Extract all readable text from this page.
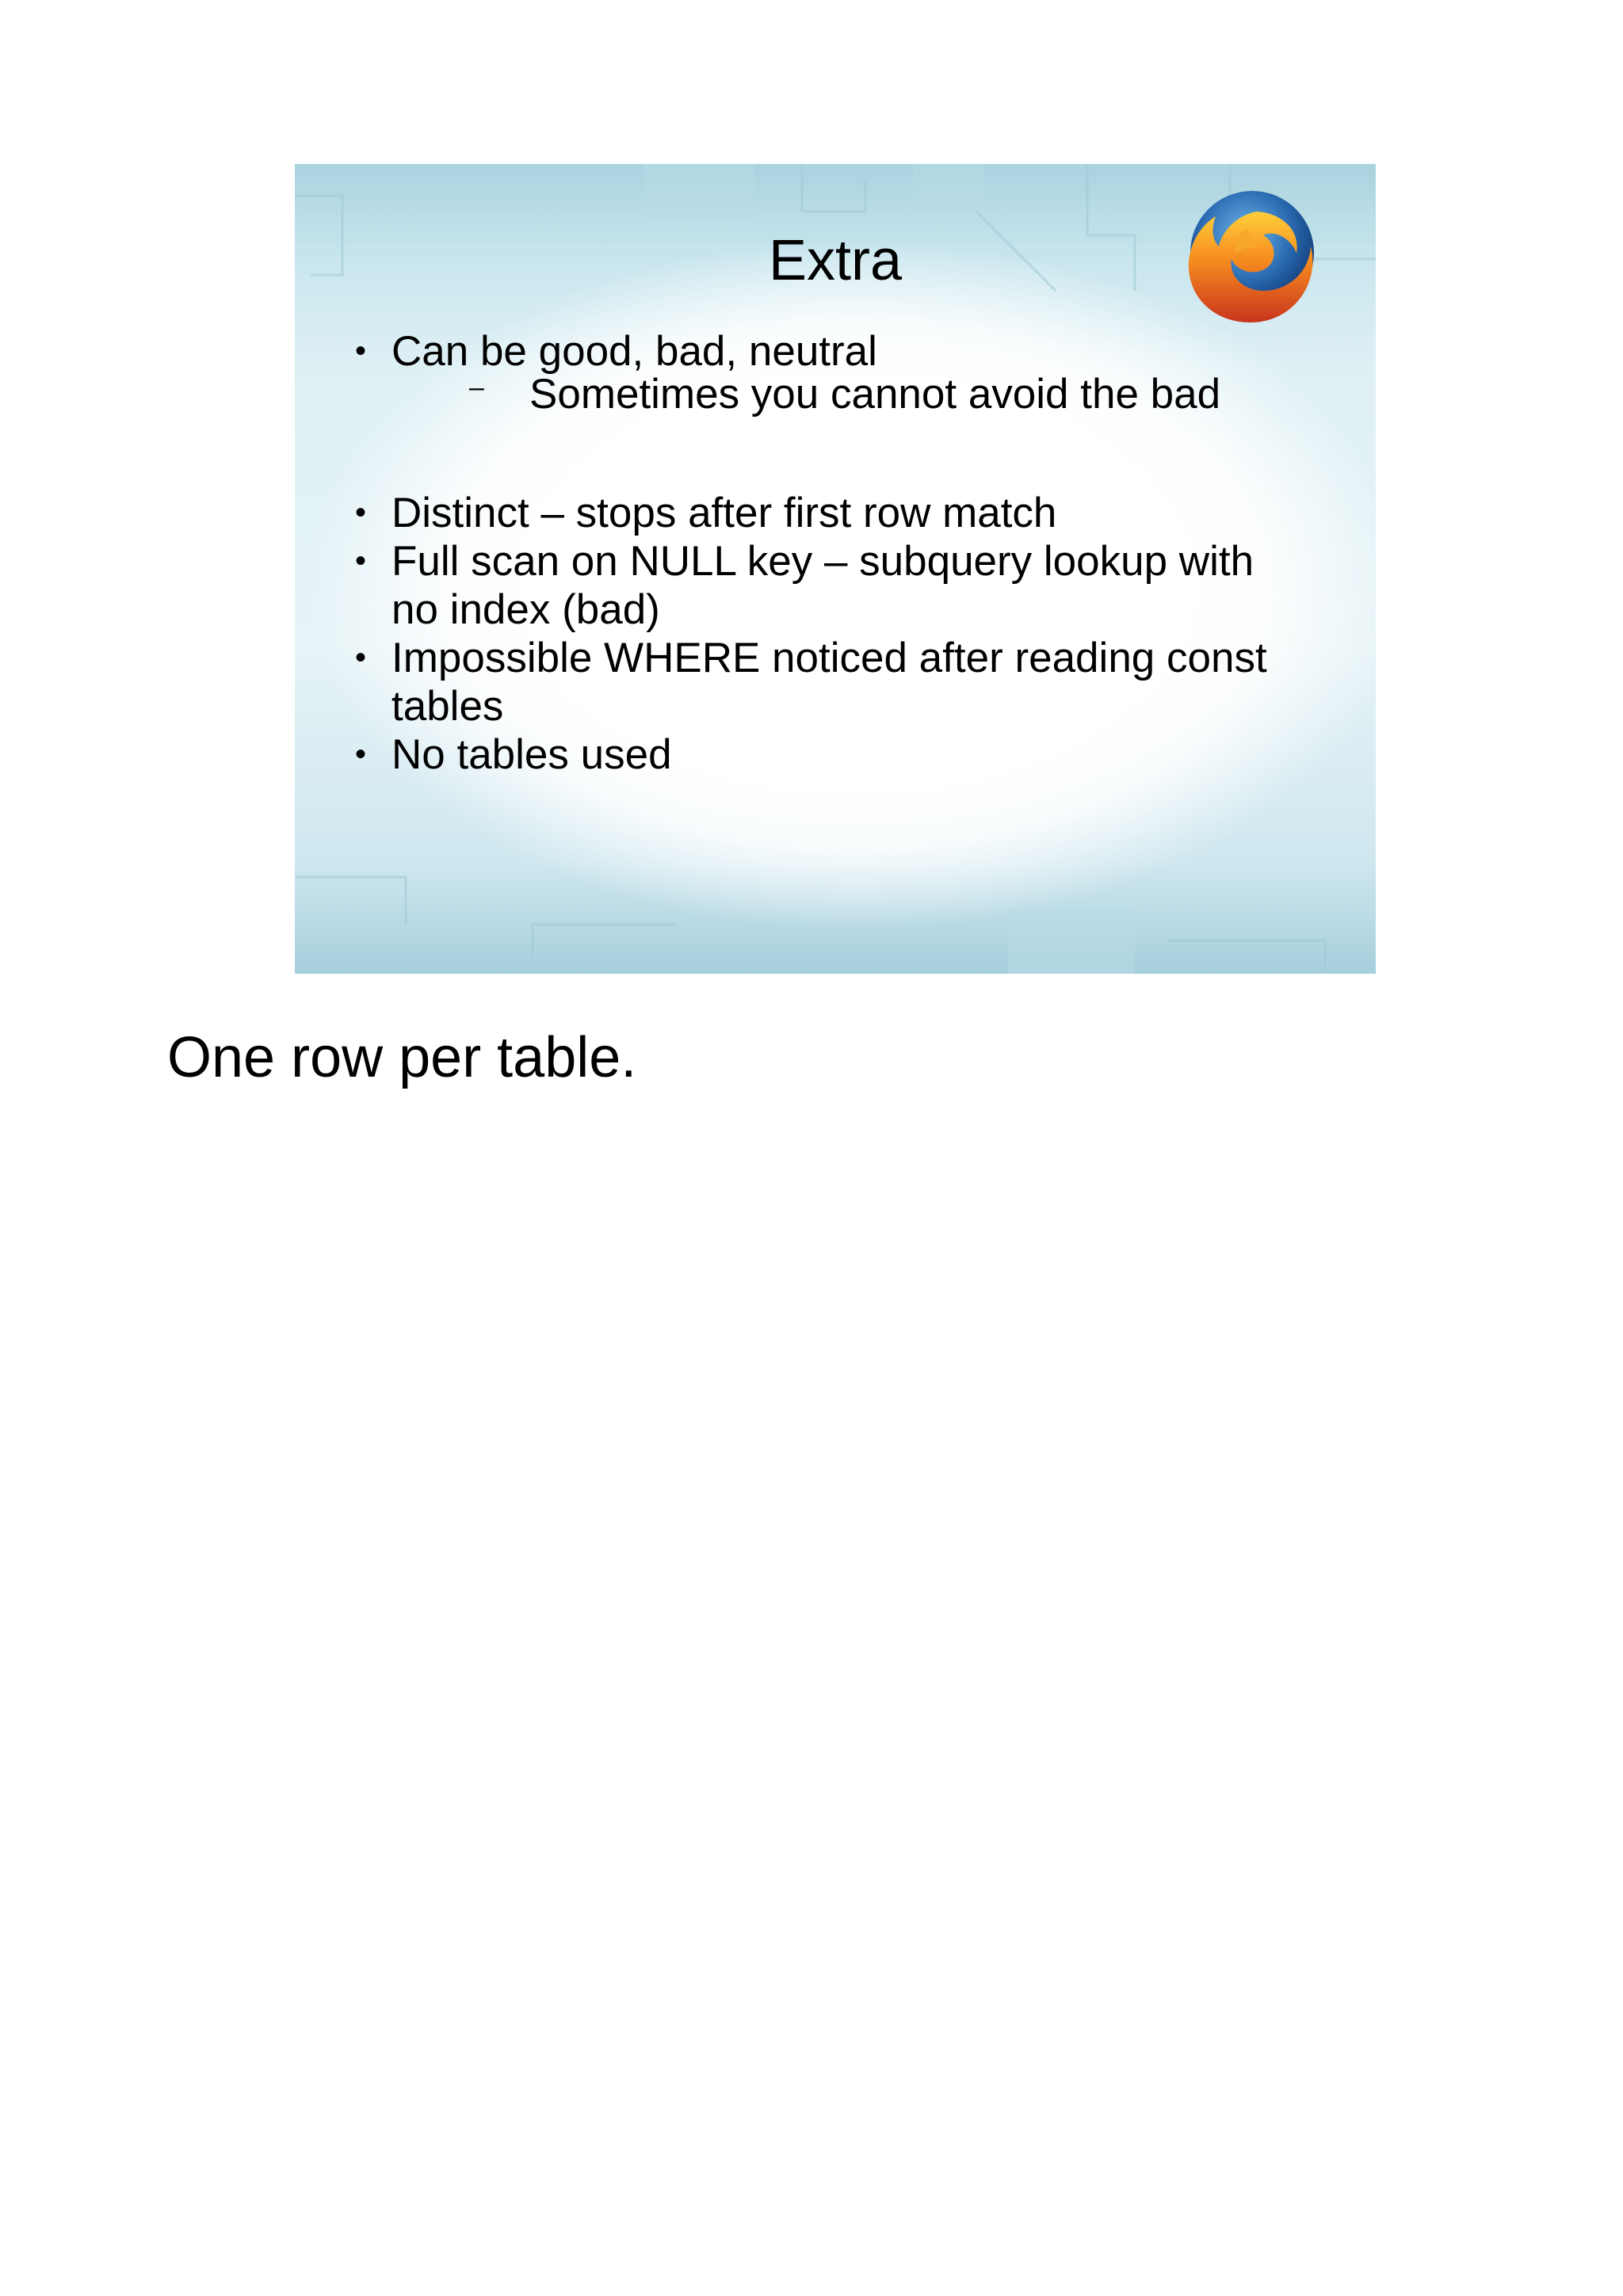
Extra
• Can be good, bad, neutral
– Sometimes you cannot avoid the bad
• Distinct – stops after first row match
• Full scan on NULL key – subquery lookup with no index (bad)
• Impossible WHERE noticed after reading const tables
• No tables used
One row per table.
